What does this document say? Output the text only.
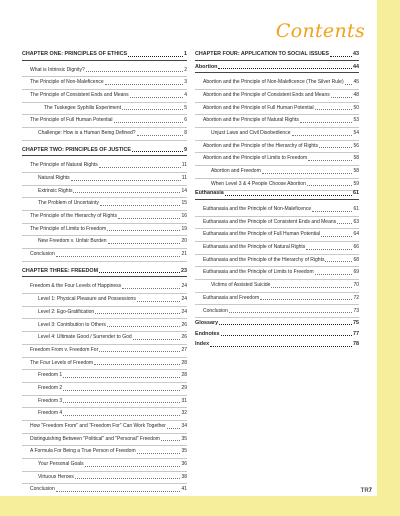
Contents
CHAPTER ONE: PRINCIPLES OF ETHICS	1
What is Intrinsic Dignity?	2
The Principle of Non-Maleficence	3
The Principle of Consistent Ends and Means	4
The Tuskegee Syphilis Experiment	5
The Principle of Full Human Potential	6
Challenge: How is a Human Being Defined?	8
CHAPTER TWO: PRINCIPLES OF JUSTICE	9
The Principle of Natural Rights	11
Natural Rights	11
Extrinsic Rights	14
The Problem of Uncertainty	15
The Principle of the Hierarchy of Rights	16
The Principle of Limits to Freedom	19
New Freedom v. Unfair Burden	20
Conclusion	21
CHAPTER THREE: FREEDOM	23
Freedom & the Four Levels of Happiness	24
Level 1: Physical Pleasure and Possessions	24
Level 2: Ego-Gratification	24
Level 3: Contribution to Others	26
Level 4: Ultimate Good / Surrender to God	26
Freedom From v. Freedom For	27
The Four Levels of Freedom	28
Freedom 1	28
Freedom 2	29
Freedom 3	31
Freedom 4	32
How "Freedom From" and "Freedom For" Can Work Together	34
Distinguishing Between "Political" and "Personal" Freedom	35
A Formula For Being a True Person of Freedom	35
Your Personal Goals	36
Virtuous Heroes	38
Conclusion	41
CHAPTER FOUR: APPLICATION TO SOCIAL ISSUES	43
Abortion	44
Abortion and the Principle of Non-Maleficence (The Silver Rule) 45
Abortion and the Principle of Consistent Ends and Means	48
Abortion and the Principle of Full Human Potential	50
Abortion and the Principle of Natural Rights	53
Unjust Laws and Civil Disobedience	54
Abortion and the Principle of the Hierarchy of Rights	56
Abortion and the Principle of Limits to Freedom	58
Abortion and Freedom	58
When Level 3 & 4 People Choose Abortion	59
Euthanasia	61
Euthanasia and the Principle of Non-Maleficence	61
Euthanasia and the Principle of Consistent Ends and Means	63
Euthanasia and the Principle of Full Human Potential	64
Euthanasia and the Principle of Natural Rights	66
Euthanasia and the Principle of the Hierarchy of Rights	68
Euthanasia and the Principle of Limits to Freedom	69
Victims of Assisted Suicide	70
Euthanasia and Freedom	72
Conclusion	73
Glossary	75
Endnotes	77
Index	78
TR7
